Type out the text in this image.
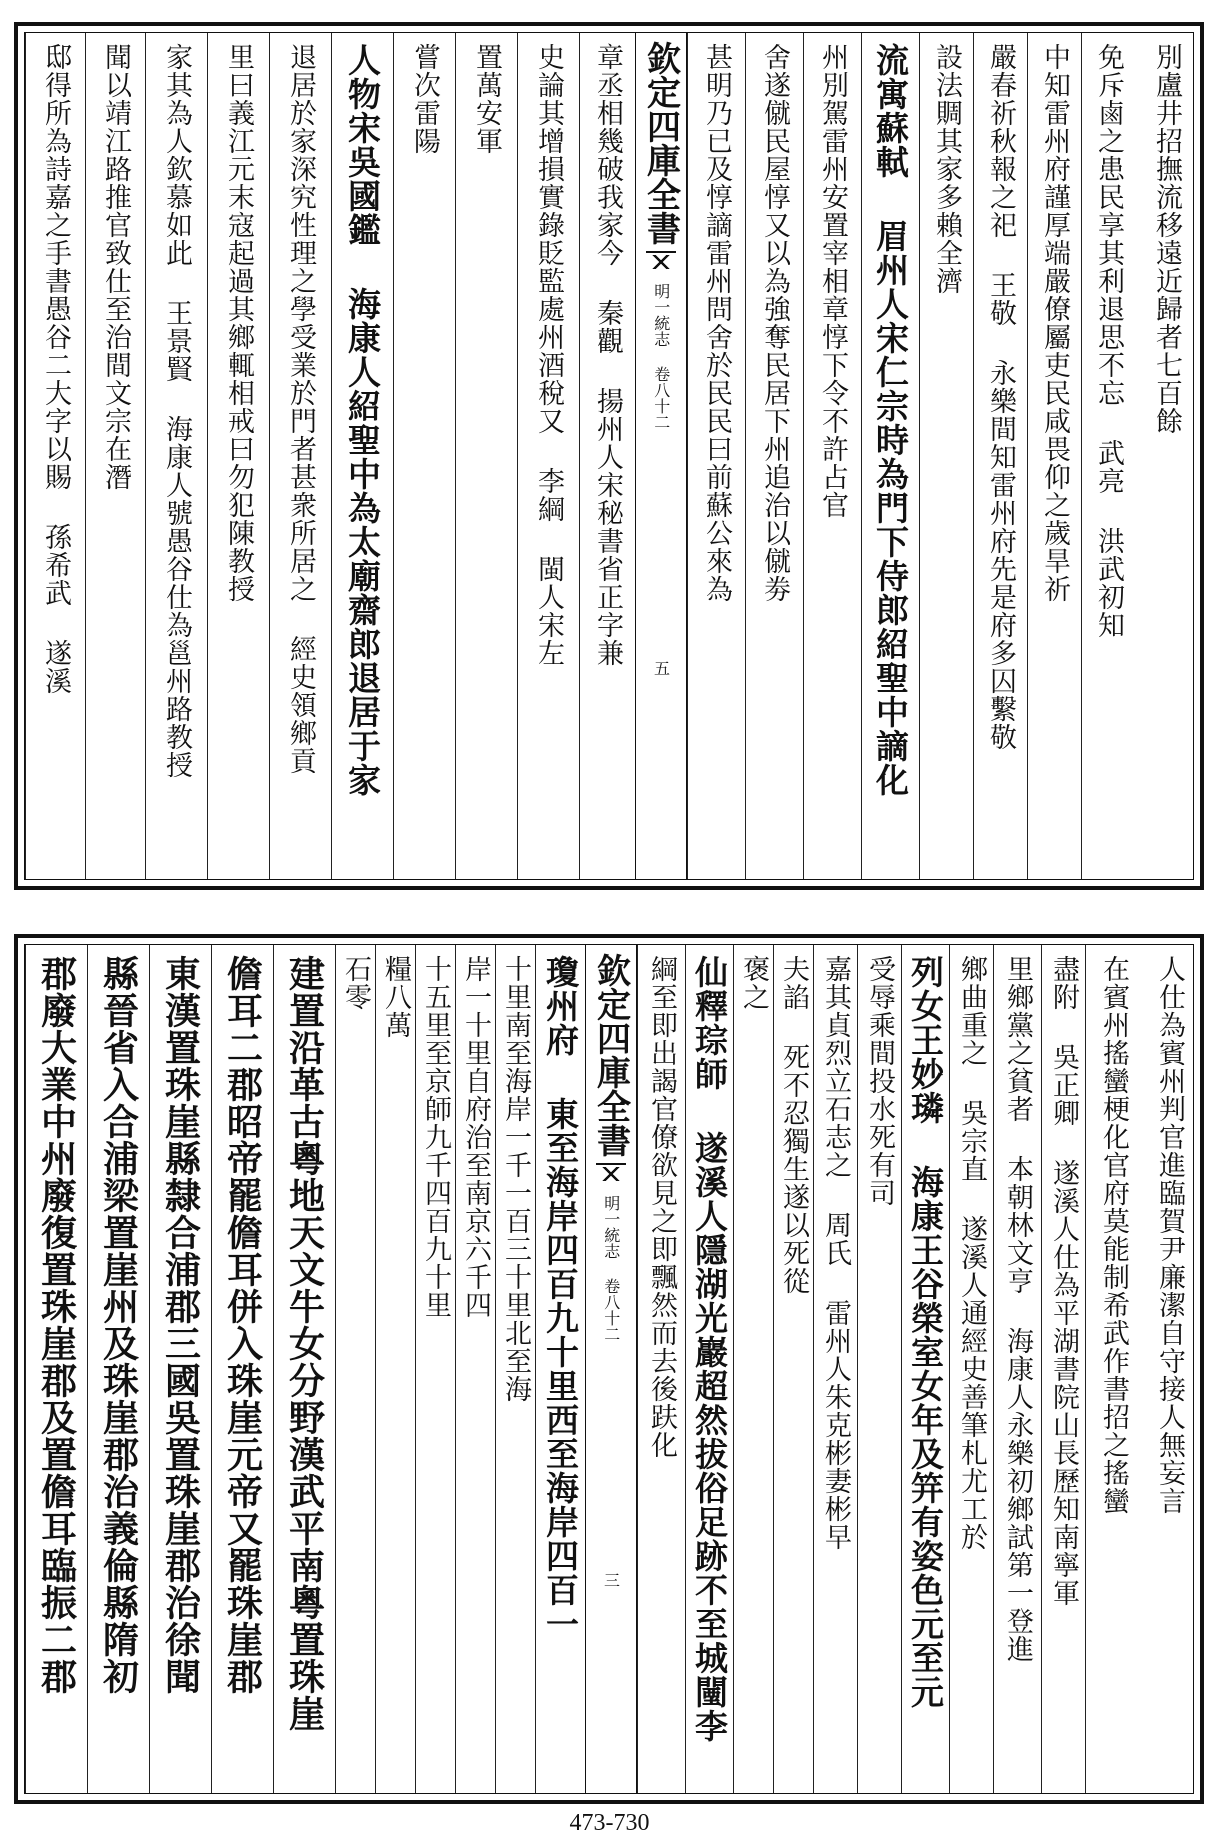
邸得所為詩嘉之手書愚谷二大字以賜 孫希武 遂溪 聞以靖江路推官致仕至治間文宗在潛 家其為人欽慕如此 王景賢 海康人號愚谷仕為邕州路教授 里曰義江元末寇起過其鄉輒相戒曰勿犯陳教授 退居於家深究性理之學受業於門者甚衆所居之 經史領鄉貢 人物宋吳國鑑 海康人紹聖中為太廟齋郎退居于家 嘗次雷陽 置萬安軍 史論其增損實錄貶監處州酒稅又 李綱 閩人宋左 章丞相幾破我家今 秦觀 揚州人宋秘書省正字兼 欽定四庫全書
明一統志 卷八十二
五
甚明乃已及惇謫雷州問舍於民民曰前蘇公來為 舍遂僦民屋惇又以為強奪民居下州追治以僦劵 州別駕雷州安置宰相章惇下令不許占官 流寓蘇軾 眉州人宋仁宗時為門下侍郎紹聖中謫化 設法賙其家多賴全濟 嚴春祈秋報之祀 王敬 永樂間知雷州府先是府多囚繫敬 中知雷州府謹厚端嚴僚屬吏民咸畏仰之歲旱祈 免斥鹵之患民享其利退思不忘 武亮 洪武初知 別盧井招撫流移遠近歸者七百餘
郡廢大業中州廢復置珠崖郡及置儋耳臨振二郡 縣晉省入合浦梁置崖州及珠崖郡治義倫縣隋初 東漢置珠崖縣隸合浦郡三國吳置珠崖郡治徐聞 儋耳二郡昭帝罷儋耳併入珠崖元帝又罷珠崖郡 建置沿革古粵地天文牛女分野漢武平南粵置珠崖 石零 糧八萬 十五里至京師九千四百九十里 岸一十里自府治至南京六千四 十里南至海岸一千一百三十里北至海 瓊州府 東至海岸四百九十里西至海岸四百一 欽定四庫全書
明一統志 卷八十二
三
綱至即出謁官僚欲見之即飄然而去後趺化 仙釋琮師 遂溪人隱湖光巖超然拔俗足跡不至城闉李 褒之 夫諂 死不忍獨生遂以死從 嘉其貞烈立石志之 周氏 雷州人朱克彬妻彬早 受辱乘間投水死有司 列女王妙璘 海康王谷榮室女年及笄有姿色元至元 鄉曲重之 吳宗直 遂溪人通經史善筆札尤工於 里鄉黨之貧者 本朝林文亨 海康人永樂初鄉試第一登進 盡附 吳正卿 遂溪人仕為平湖書院山長歷知南寧軍 在賓州搖蠻梗化官府莫能制希武作書招之搖蠻 人仕為賓州判官進臨賀尹廉潔自守接人無妄言
473-730
